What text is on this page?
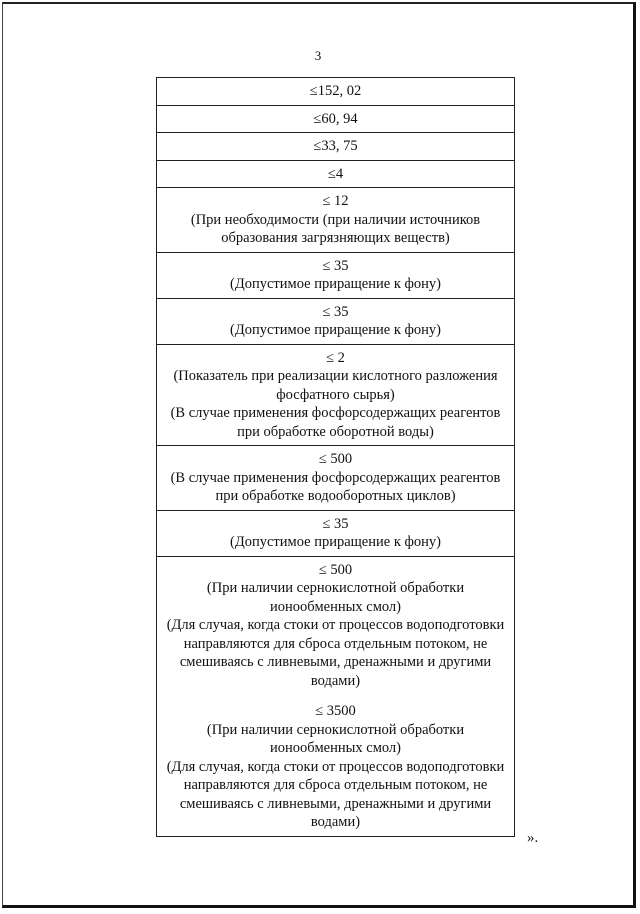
3
≤152, 02

≤60, 94

≤33, 75

≤4

≤ 12
(При необходимости (при наличии источников
образования загрязняющих веществ)

≤ 35
(Допустимое приращение к фону)

≤ 35
(Допустимое приращение к фону)

≤ 2
(Показатель при реализации кислотного разложения
фосфатного сырья)
(В случае применения фосфорсодержащих реагентов
при обработке оборотной воды)

≤ 500
(В случае применения фосфорсодержащих реагентов
при обработке водооборотных циклов)

≤ 35
(Допустимое приращение к фону)

≤ 500
(При наличии сернокислотной обработки
ионообменных смол)
(Для случая, когда стоки от процессов водоподготовки
направляются для сброса отдельным потоком, не
смешиваясь с ливневыми, дренажными и другими
водами)
≤ 3500
(При наличии сернокислотной обработки
ионообменных смол)
(Для случая, когда стоки от процессов водоподготовки
направляются для сброса отдельным потоком, не
смешиваясь с ливневыми, дренажными и другими
водами)
».
